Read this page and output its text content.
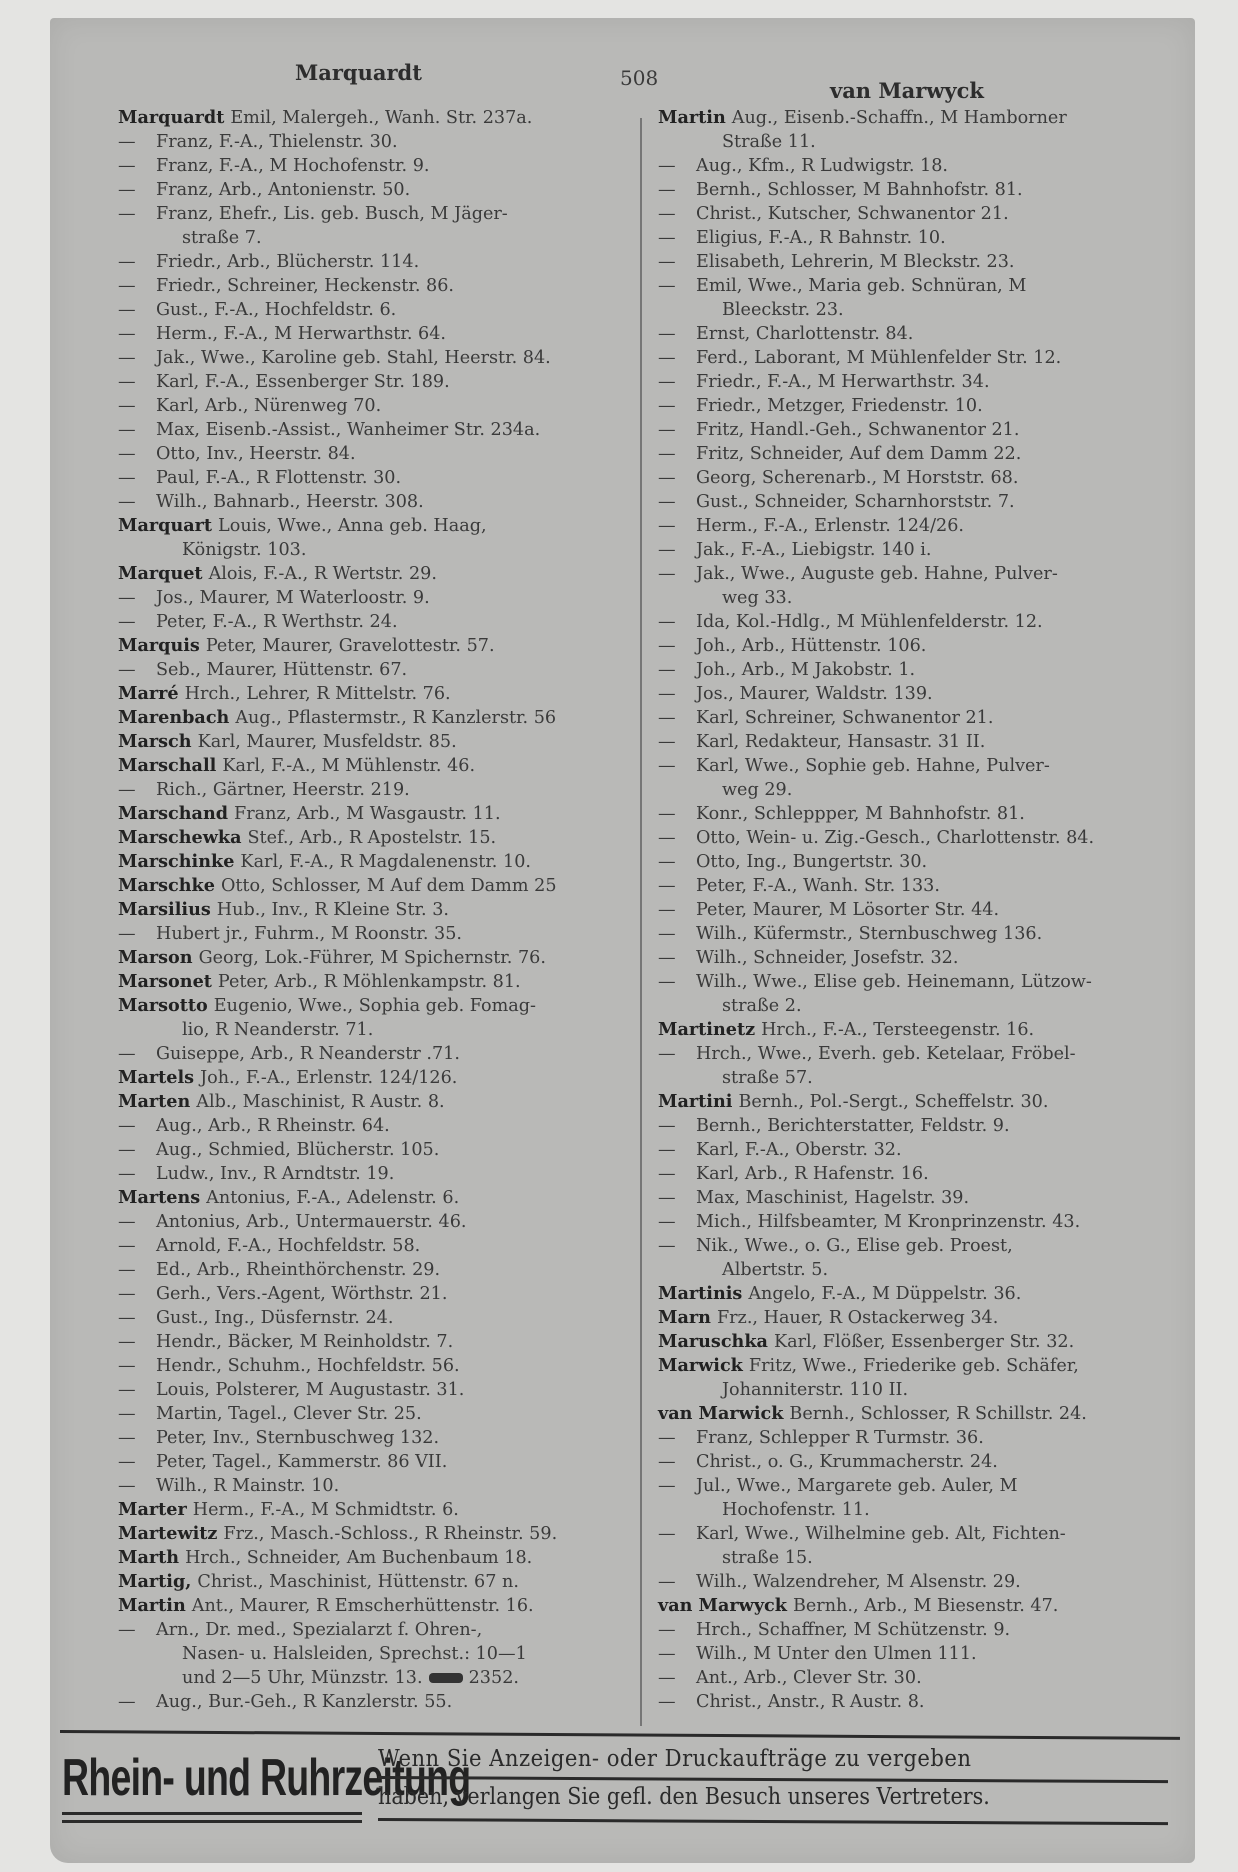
Marquardt	508	van Marwyck
Marquardt Emil, Malergeh., Wanh. Str. 237a.
— Franz, F.-A., Thielenstr. 30.
— Franz, F.-A., M Hochofenstr. 9.
— Franz, Arb., Antonienstr. 50.
— Franz, Ehefr., Lis. geb. Busch, M Jäger-
straße 7.
— Friedr., Arb., Blücherstr. 114.
— Friedr., Schreiner, Heckenstr. 86.
— Gust., F.-A., Hochfeldstr. 6.
— Herm., F.-A., M Herwarthstr. 64.
— Jak., Wwe., Karoline geb. Stahl, Heerstr. 84.
— Karl, F.-A., Essenberger Str. 189.
— Karl, Arb., Nürenweg 70.
— Max, Eisenb.-Assist., Wanheimer Str. 234a.
— Otto, Inv., Heerstr. 84.
— Paul, F.-A., R Flottenstr. 30.
— Wilh., Bahnarb., Heerstr. 308.
Marquart Louis, Wwe., Anna geb. Haag,
Königstr. 103.
Marquet Alois, F.-A., R Wertstr. 29.
— Jos., Maurer, M Waterloostr. 9.
— Peter, F.-A., R Werthstr. 24.
Marquis Peter, Maurer, Gravelottestr. 57.
— Seb., Maurer, Hüttenstr. 67.
Marré Hrch., Lehrer, R Mittelstr. 76.
Marenbach Aug., Pflastermstr., R Kanzlerstr. 56
Marsch Karl, Maurer, Musfeldstr. 85.
Marschall Karl, F.-A., M Mühlenstr. 46.
— Rich., Gärtner, Heerstr. 219.
Marschand Franz, Arb., M Wasgaustr. 11.
Marschewka Stef., Arb., R Apostelstr. 15.
Marschinke Karl, F.-A., R Magdalenenstr. 10.
Marschke Otto, Schlosser, M Auf dem Damm 25
Marsilius Hub., Inv., R Kleine Str. 3.
— Hubert jr., Fuhrm., M Roonstr. 35.
Marson Georg, Lok.-Führer, M Spichernstr. 76.
Marsonet Peter, Arb., R Möhlenkampstr. 81.
Marsotto Eugenio, Wwe., Sophia geb. Fomag-
lio, R Neanderstr. 71.
— Guiseppe, Arb., R Neanderstr .71.
Martels Joh., F.-A., Erlenstr. 124/126.
Marten Alb., Maschinist, R Austr. 8.
— Aug., Arb., R Rheinstr. 64.
— Aug., Schmied, Blücherstr. 105.
— Ludw., Inv., R Arndtstr. 19.
Martens Antonius, F.-A., Adelenstr. 6.
— Antonius, Arb., Untermauerstr. 46.
— Arnold, F.-A., Hochfeldstr. 58.
— Ed., Arb., Rheinthörchenstr. 29.
— Gerh., Vers.-Agent, Wörthstr. 21.
— Gust., Ing., Düsfernstr. 24.
— Hendr., Bäcker, M Reinholdstr. 7.
— Hendr., Schuhm., Hochfeldstr. 56.
— Louis, Polsterer, M Augustastr. 31.
— Martin, Tagel., Clever Str. 25.
— Peter, Inv., Sternbuschweg 132.
— Peter, Tagel., Kammerstr. 86 VII.
— Wilh., R Mainstr. 10.
Marter Herm., F.-A., M Schmidtstr. 6.
Martewitz Frz., Masch.-Schloss., R Rheinstr. 59.
Marth Hrch., Schneider, Am Buchenbaum 18.
Martig, Christ., Maschinist, Hüttenstr. 67 n.
Martin Ant., Maurer, R Emscherhüttenstr. 16.
— Arn., Dr. med., Spezialarzt f. Ohren-,
Nasen- u. Halsleiden, Sprechst.: 10—1
und 2—5 Uhr, Münzstr. 13.	2352.
— Aug., Bur.-Geh., R Kanzlerstr. 55.
Martin Aug., Eisenb.-Schaffn., M Hamborner
Straße 11.
— Aug., Kfm., R Ludwigstr. 18.
— Bernh., Schlosser, M Bahnhofstr. 81.
— Christ., Kutscher, Schwanentor 21.
— Eligius, F.-A., R Bahnstr. 10.
— Elisabeth, Lehrerin, M Bleckstr. 23.
— Emil, Wwe., Maria geb. Schnüran, M
Bleeckstr. 23.
— Ernst, Charlottenstr. 84.
— Ferd., Laborant, M Mühlenfelder Str. 12.
— Friedr., F.-A., M Herwarthstr. 34.
— Friedr., Metzger, Friedenstr. 10.
— Fritz, Handl.-Geh., Schwanentor 21.
— Fritz, Schneider, Auf dem Damm 22.
— Georg, Scherenarb., M Horststr. 68.
— Gust., Schneider, Scharnhorststr. 7.
— Herm., F.-A., Erlenstr. 124/26.
— Jak., F.-A., Liebigstr. 140 i.
— Jak., Wwe., Auguste geb. Hahne, Pulver-
weg 33.
— Ida, Kol.-Hdlg., M Mühlenfelderstr. 12.
— Joh., Arb., Hüttenstr. 106.
— Joh., Arb., M Jakobstr. 1.
— Jos., Maurer, Waldstr. 139.
— Karl, Schreiner, Schwanentor 21.
— Karl, Redakteur, Hansastr. 31 II.
— Karl, Wwe., Sophie geb. Hahne, Pulver-
weg 29.
— Konr., Schleppper, M Bahnhofstr. 81.
— Otto, Wein- u. Zig.-Gesch., Charlottenstr. 84.
— Otto, Ing., Bungertstr. 30.
— Peter, F.-A., Wanh. Str. 133.
— Peter, Maurer, M Lösorter Str. 44.
— Wilh., Küfermstr., Sternbuschweg 136.
— Wilh., Schneider, Josefstr. 32.
— Wilh., Wwe., Elise geb. Heinemann, Lützow-
straße 2.
Martinetz Hrch., F.-A., Tersteegenstr. 16.
— Hrch., Wwe., Everh. geb. Ketelaar, Fröbel-
straße 57.
Martini Bernh., Pol.-Sergt., Scheffelstr. 30.
— Bernh., Berichterstatter, Feldstr. 9.
— Karl, F.-A., Oberstr. 32.
— Karl, Arb., R Hafenstr. 16.
— Max, Maschinist, Hagelstr. 39.
— Mich., Hilfsbeamter, M Kronprinzenstr. 43.
— Nik., Wwe., o. G., Elise geb. Proest,
Albertstr. 5.
Martinis Angelo, F.-A., M Düppelstr. 36.
Marn Frz., Hauer, R Ostackerweg 34.
Maruschka Karl, Flößer, Essenberger Str. 32.
Marwick Fritz, Wwe., Friederike geb. Schäfer,
Johanniterstr. 110 II.
van Marwick Bernh., Schlosser, R Schillstr. 24.
— Franz, Schlepper R Turmstr. 36.
— Christ., o. G., Krummacherstr. 24.
— Jul., Wwe., Margarete geb. Auler, M
Hochofenstr. 11.
— Karl, Wwe., Wilhelmine geb. Alt, Fichten-
straße 15.
— Wilh., Walzendreher, M Alsenstr. 29.
van Marwyck Bernh., Arb., M Biesenstr. 47.
— Hrch., Schaffner, M Schützenstr. 9.
— Wilh., M Unter den Ulmen 111.
— Ant., Arb., Clever Str. 30.
— Christ., Anstr., R Austr. 8.
Rhein- und Ruhrzeitung
Wenn Sie Anzeigen- oder Druckaufträge zu vergeben
haben, verlangen Sie gefl. den Besuch unseres Vertreters.
